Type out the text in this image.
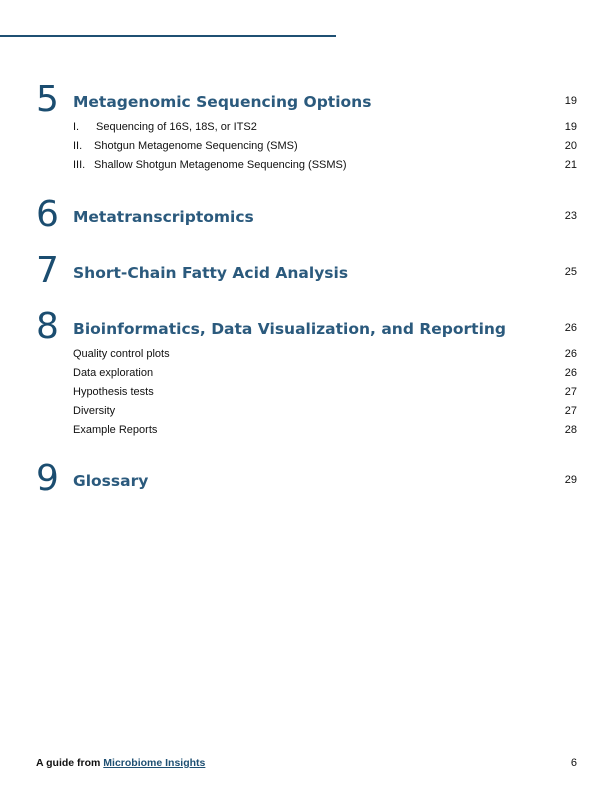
5 Metagenomic Sequencing Options	19
I. Sequencing of 16S, 18S, or ITS2	19
II. Shotgun Metagenome Sequencing (SMS)	20
III. Shallow Shotgun Metagenome Sequencing (SSMS)	21
6 Metatranscriptomics	23
7 Short-Chain Fatty Acid Analysis	25
8 Bioinformatics, Data Visualization, and Reporting	26
Quality control plots	26
Data exploration	26
Hypothesis tests	27
Diversity	27
Example Reports	28
9 Glossary	29
A guide from Microbiome Insights	6
